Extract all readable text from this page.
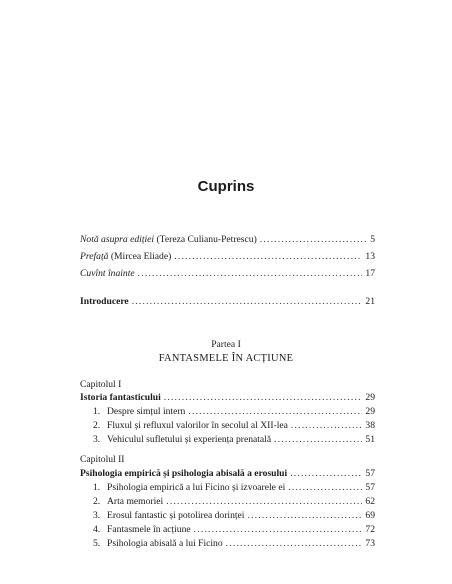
Cuprins
Notă asupra ediției (Tereza Culianu-Petrescu) .....	5
Prefață (Mircea Eliade) .....	13
Cuvînt înainte .....	17
Introducere .....	21
Partea I
FANTASMELE ÎN ACȚIUNE
Capitolul I
Istoria fantasticului .....	29
1. Despre simțul intern .....	29
2. Fluxul și refluxul valorilor în secolul al XII-lea .....	38
3. Vehiculul sufletului și experiența prenatală .....	51
Capitolul II
Psihologia empirică și psihologia abisală a erosului .....	57
1. Psihologia empirică a lui Ficino și izvoarele ei .....	57
2. Arta memoriei .....	62
3. Erosul fantastic și potolirea dorinței .....	69
4. Fantasmele în acțiune .....	72
5. Psihologia abisală a lui Ficino .....	73
